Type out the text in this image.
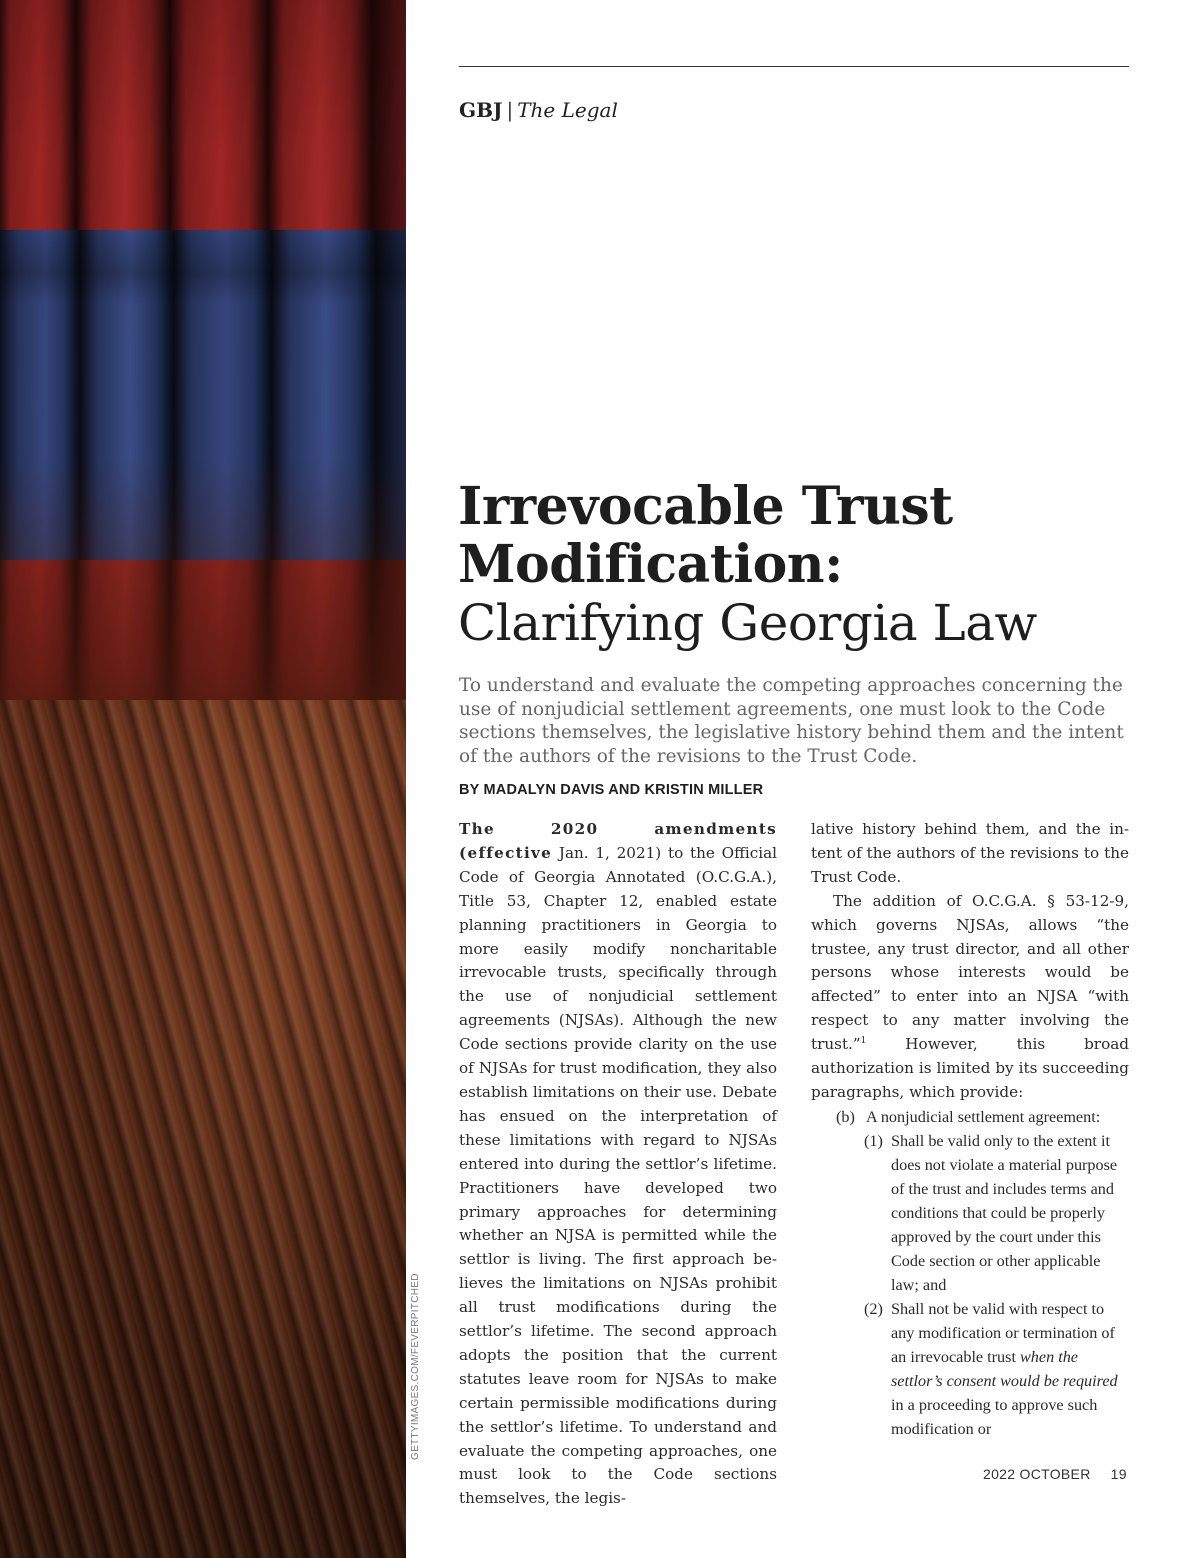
GETTYIMAGES.COM/FEVERPITCHED
GBJ | The Legal
Irrevocable Trust
Modification:
Clarifying Georgia Law

To understand and evaluate the competing approaches concerning the use of nonjudicial settlement agreements, one must look to the Code sections themselves, the legislative history behind them and the intent of the authors of the revisions to the Trust Code.

BY MADALYN DAVIS AND KRISTIN MILLER

The 2020 amendments (effective Jan. 1, 2021) to the Official Code of Georgia Annotated (O.C.G.A.), Title 53, Chapter 12, enabled estate planning practitioners in Georgia to more easily modify noncharitable irrevocable trusts, specifically through the use of nonjudicial settlement agreements (NJSAs). Although the new Code sections provide clarity on the use of NJSAs for trust modification, they also establish limitations on their use. Debate has ensued on the interpretation of these limitations with regard to NJSAs entered into during the settlor’s lifetime. Practitioners have developed two primary approaches for determining whether an NJSA is permitted while the settlor is living. The first approach believes the limitations on NJSAs prohibit all trust modifications during the settlor’s lifetime. The second approach adopts the position that the current statutes leave room for NJSAs to make certain permissible modifications during the settlor’s lifetime. To understand and evaluate the competing approaches, one must look to the Code sections themselves, the legis-

lative history behind them, and the intent of the authors of the revisions to the Trust Code.

The addition of O.C.G.A. § 53-12-9, which governs NJSAs, allows “the trustee, any trust director, and all other persons whose interests would be affected” to enter into an NJSA “with respect to any matter involving the trust.”$^1$ However, this broad authorization is limited by its succeeding paragraphs, which provide:

(b) A nonjudicial settlement agreement:
(1) Shall be valid only to the extent it does not violate a material purpose of the trust and includes terms and conditions that could be properly approved by the court under this Code section or other applicable law; and
(2) Shall not be valid with respect to any modification or termination of an irrevocable trust when the settlor’s consent would be required in a proceeding to approve such modification or
2022 OCTOBER 19
